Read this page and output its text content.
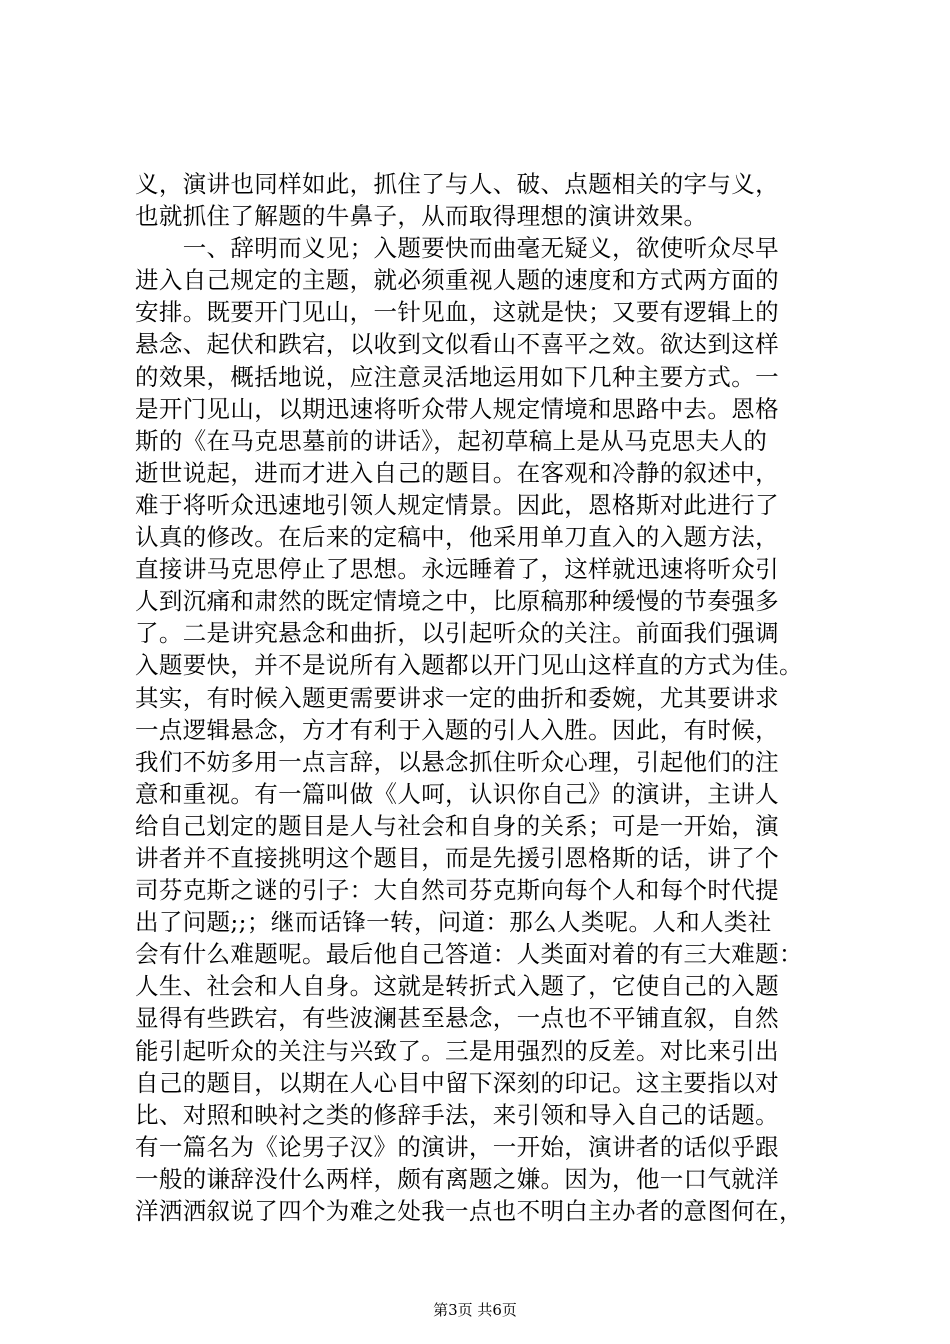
义，演讲也同样如此，抓住了与人、破、点题相关的字与义，
也就抓住了解题的牛鼻子，从而取得理想的演讲效果。
　　一、辞明而义见；入题要快而曲毫无疑义，欲使听众尽早
进入自己规定的主题，就必须重视人题的速度和方式两方面的
安排。既要开门见山，一针见血，这就是快；又要有逻辑上的
悬念、起伏和跌宕，以收到文似看山不喜平之效。欲达到这样
的效果，概括地说，应注意灵活地运用如下几种主要方式。一
是开门见山，以期迅速将听众带人规定情境和思路中去。恩格
斯的《在马克思墓前的讲话》，起初草稿上是从马克思夫人的
逝世说起，进而才进入自己的题目。在客观和冷静的叙述中，
难于将听众迅速地引领人规定情景。因此，恩格斯对此进行了
认真的修改。在后来的定稿中，他采用单刀直入的入题方法，
直接讲马克思停止了思想。永远睡着了，这样就迅速将听众引
人到沉痛和肃然的既定情境之中，比原稿那种缓慢的节奏强多
了。二是讲究悬念和曲折，以引起听众的关注。前面我们强调
入题要快，并不是说所有入题都以开门见山这样直的方式为佳。
其实，有时候入题更需要讲求一定的曲折和委婉，尤其要讲求
一点逻辑悬念，方才有利于入题的引人入胜。因此，有时候，
我们不妨多用一点言辞，以悬念抓住听众心理，引起他们的注
意和重视。有一篇叫做《人呵，认识你自己》的演讲，主讲人
给自己划定的题目是人与社会和自身的关系；可是一开始，演
讲者并不直接挑明这个题目，而是先援引恩格斯的话，讲了个
司芬克斯之谜的引子：大自然司芬克斯向每个人和每个时代提
出了问题;;；继而话锋一转，问道：那么人类呢。人和人类社
会有什么难题呢。最后他自己答道：人类面对着的有三大难题：
人生、社会和人自身。这就是转折式入题了，它使自己的入题
显得有些跌宕，有些波澜甚至悬念，一点也不平铺直叙，自然
能引起听众的关注与兴致了。三是用强烈的反差。对比来引出
自己的题目，以期在人心目中留下深刻的印记。这主要指以对
比、对照和映衬之类的修辞手法，来引领和导入自己的话题。
有一篇名为《论男子汉》的演讲，一开始，演讲者的话似乎跟
一般的谦辞没什么两样，颇有离题之嫌。因为，他一口气就洋
洋洒洒叙说了四个为难之处我一点也不明白主办者的意图何在，
第3页 共6页
